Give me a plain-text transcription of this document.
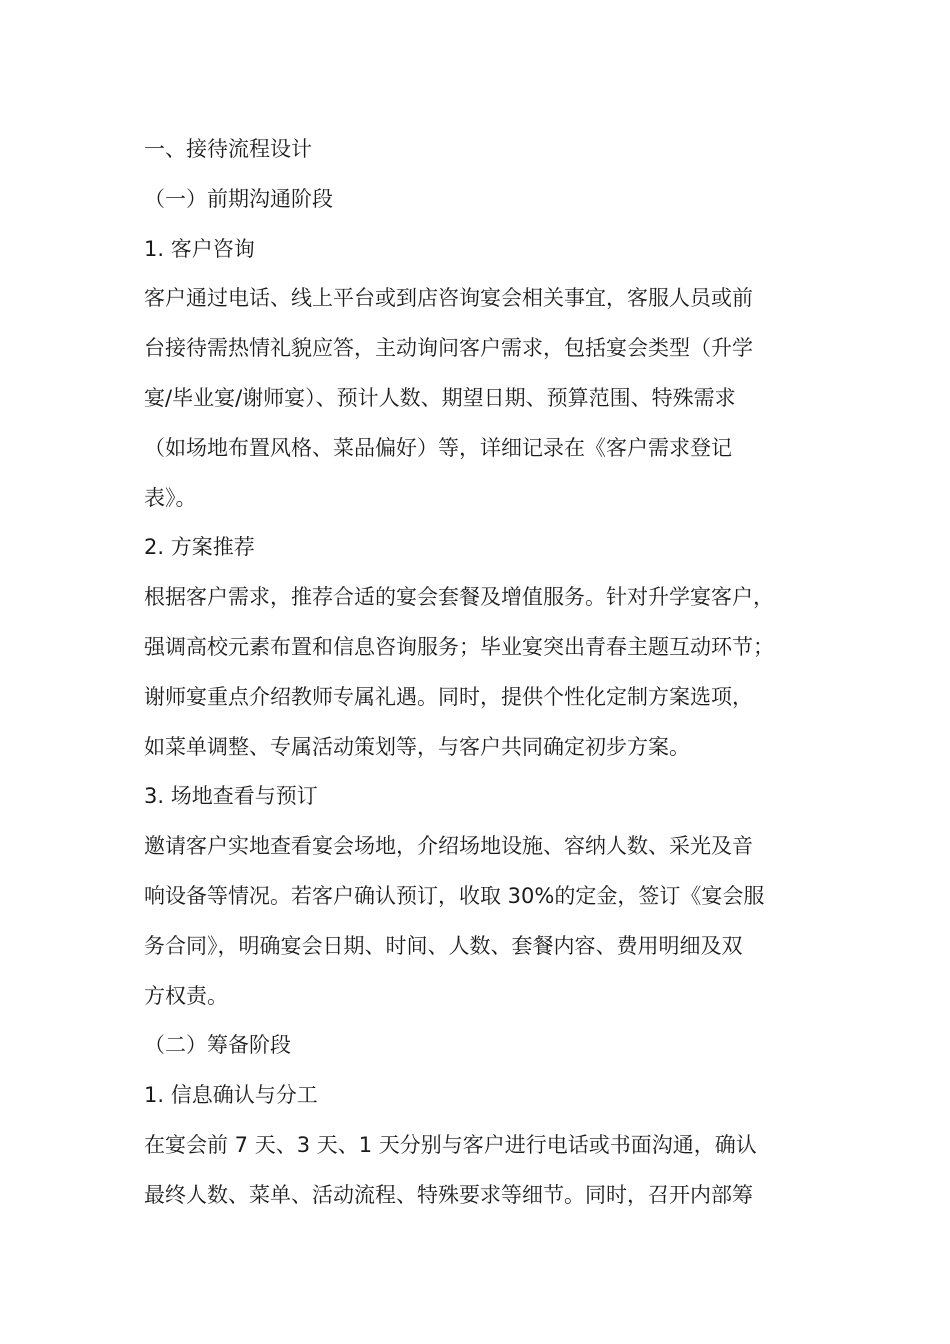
一、接待流程设计
（一）前期沟通阶段
1. 客户咨询
客户通过电话、线上平台或到店咨询宴会相关事宜，客服人员或前
台接待需热情礼貌应答，主动询问客户需求，包括宴会类型（升学
宴/毕业宴/谢师宴）、预计人数、期望日期、预算范围、特殊需求
（如场地布置风格、菜品偏好）等，详细记录在《客户需求登记
表》。
2. 方案推荐
根据客户需求，推荐合适的宴会套餐及增值服务。针对升学宴客户，
强调高校元素布置和信息咨询服务；毕业宴突出青春主题互动环节；
谢师宴重点介绍教师专属礼遇。同时，提供个性化定制方案选项，
如菜单调整、专属活动策划等，与客户共同确定初步方案。
3. 场地查看与预订
邀请客户实地查看宴会场地，介绍场地设施、容纳人数、采光及音
响设备等情况。若客户确认预订，收取 30%的定金，签订《宴会服
务合同》，明确宴会日期、时间、人数、套餐内容、费用明细及双
方权责。
（二）筹备阶段
1. 信息确认与分工
在宴会前 7 天、3 天、1 天分别与客户进行电话或书面沟通，确认
最终人数、菜单、活动流程、特殊要求等细节。同时，召开内部筹
